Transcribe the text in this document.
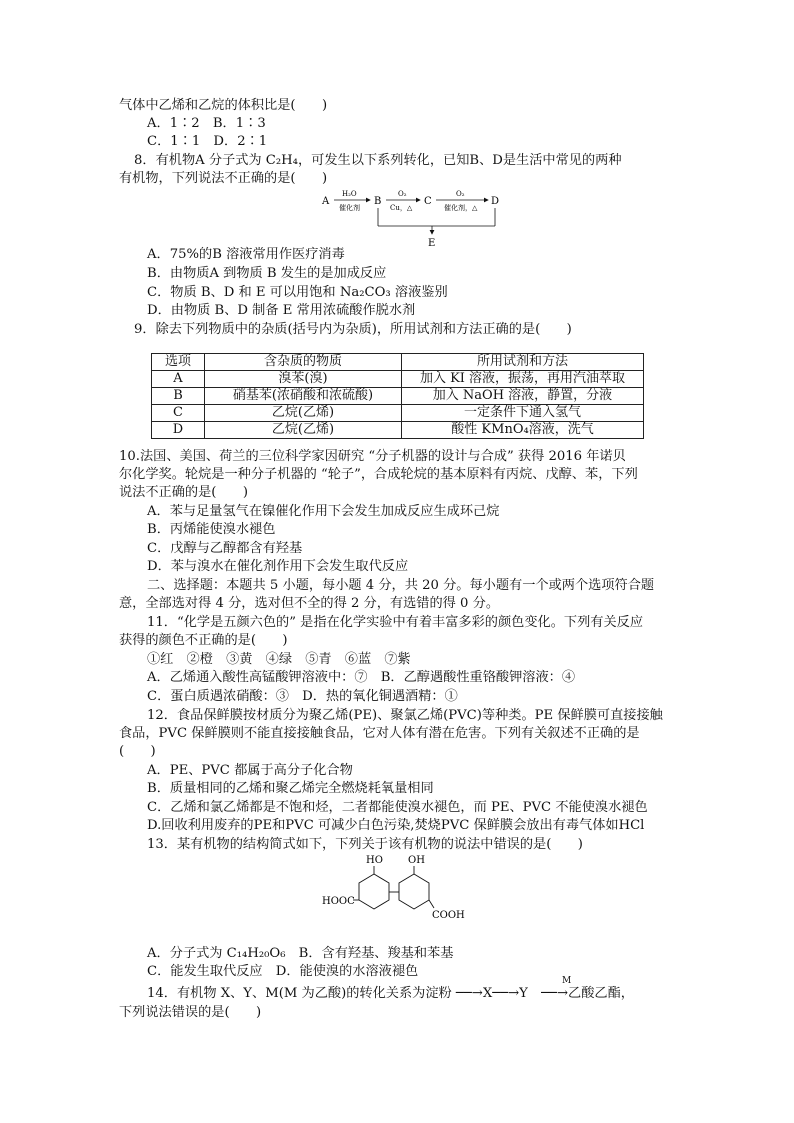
气体中乙烯和乙烷的体积比是(　　)
A．1∶2　B．1∶3
C．1∶1　D．2∶1
8．有机物A 分子式为 C₂H₄，可发生以下系列转化，已知B、D是生活中常见的两种
有机物，下列说法不正确的是(　　)
A
H₂O
催化剂
B
O₂
Cu，△
C
O₂
催化剂，△
D
E
A．75%的B 溶液常用作医疗消毒
B．由物质A 到物质 B 发生的是加成反应
C．物质 B、D 和 E 可以用饱和 Na₂CO₃ 溶液鉴别
D．由物质 B、D 制备 E 常用浓硫酸作脱水剂
9．除去下列物质中的杂质(括号内为杂质)，所用试剂和方法正确的是(　　)
选项	含杂质的物质	所用试剂和方法
A	溴苯(溴)	加入 KI 溶液，振荡，再用汽油萃取
B	硝基苯(浓硝酸和浓硫酸)	加入 NaOH 溶液，静置，分液
C	乙烷(乙烯)	一定条件下通入氢气
D	乙烷(乙烯)	酸性 KMnO₄溶液，洗气
10.法国、美国、荷兰的三位科学家因研究 “分子机器的设计与合成” 获得 2016 年诺贝
尔化学奖。轮烷是一种分子机器的 “轮子”，合成轮烷的基本原料有丙烷、戊醇、苯，下列
说法不正确的是(　　)
A．苯与足量氢气在镍催化作用下会发生加成反应生成环己烷
B．丙烯能使溴水褪色
C．戊醇与乙醇都含有羟基
D．苯与溴水在催化剂作用下会发生取代反应
二、选择题：本题共 5 小题，每小题 4 分，共 20 分。每小题有一个或两个选项符合题
意，全部选对得 4 分，选对但不全的得 2 分，有选错的得 0 分。
11．“化学是五颜六色的” 是指在化学实验中有着丰富多彩的颜色变化。下列有关反应
获得的颜色不正确的是(　　)
①红　②橙　③黄　④绿　⑤青　⑥蓝　⑦紫
A．乙烯通入酸性高锰酸钾溶液中：⑦　B．乙醇遇酸性重铬酸钾溶液：④
C．蛋白质遇浓硝酸：③　D．热的氧化铜遇酒精：①
12．食品保鲜膜按材质分为聚乙烯(PE)、聚氯乙烯(PVC)等种类。PE 保鲜膜可直接接触
食品，PVC 保鲜膜则不能直接接触食品，它对人体有潜在危害。下列有关叙述不正确的是
(　　)
A．PE、PVC 都属于高分子化合物
B．质量相同的乙烯和聚乙烯完全燃烧耗氧量相同
C．乙烯和氯乙烯都是不饱和烃，二者都能使溴水褪色，而 PE、PVC 不能使溴水褪色
D.回收利用废弃的PE和PVC 可减少白色污染,焚烧PVC 保鲜膜会放出有毒气体如HCl
13．某有机物的结构简式如下，下列关于该有机物的说法中错误的是(　　)
HO	OH
HOOC
COOH
A．分子式为 C₁₄H₂₀O₆　B．含有羟基、羧基和苯基
C．能发生取代反应　D．能使溴的水溶液褪色
M
14．有机物 X、Y、M(M 为乙酸)的转化关系为淀粉 ──→X──→Y　──→乙酸乙酯，
下列说法错误的是(　　)
